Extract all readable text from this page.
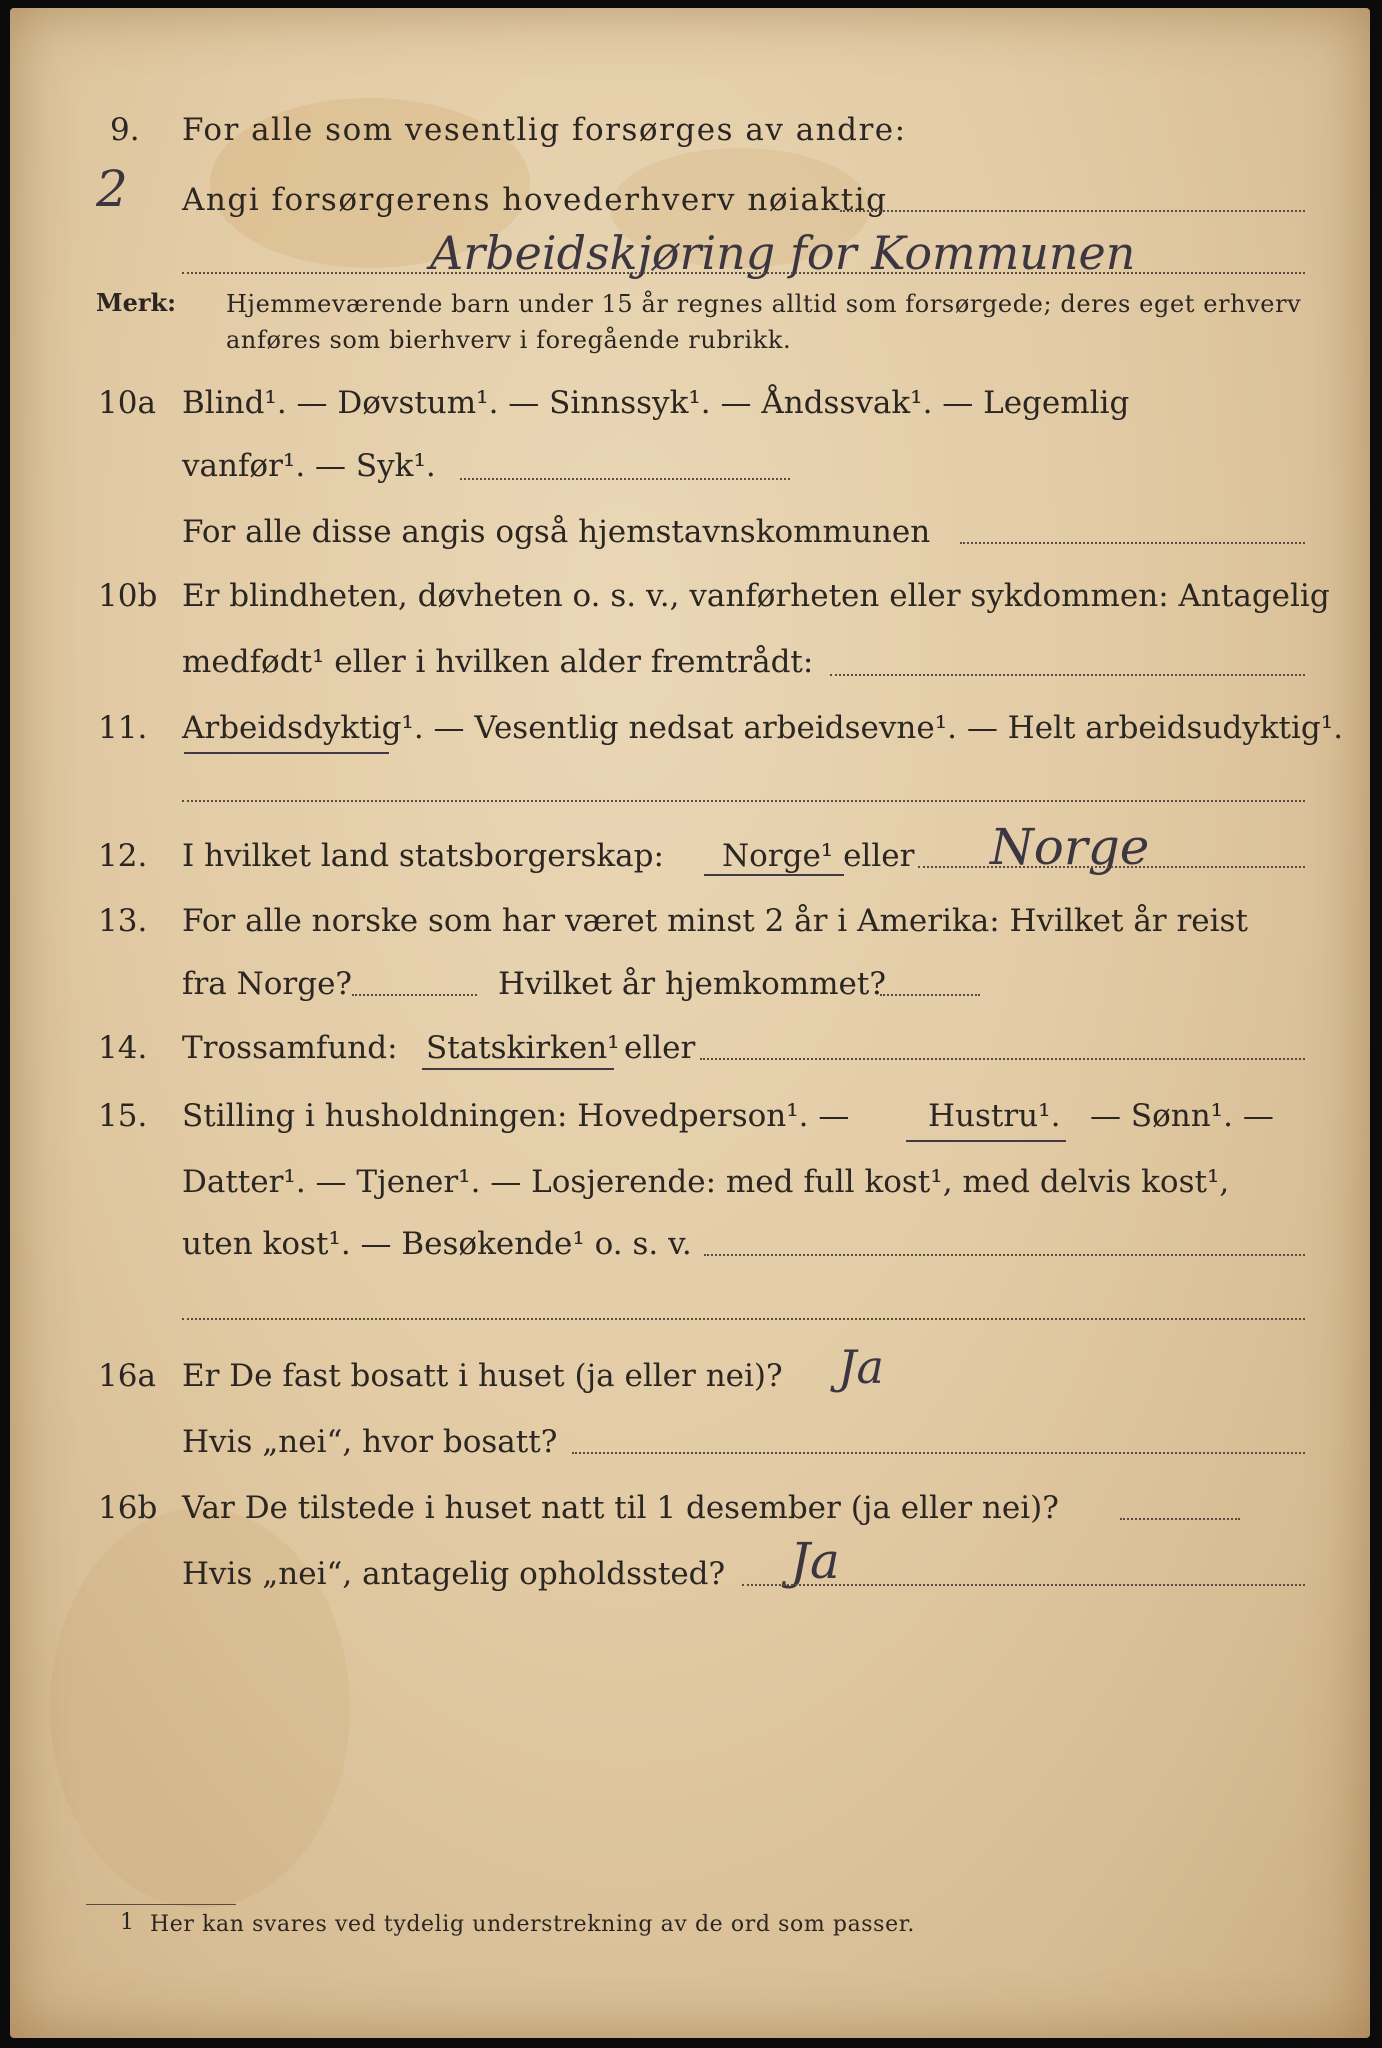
9. For alle som vesentlig forsørges av andre:
2 Angi forsørgerens hovederhverv nøiaktig
Arbeidskjøring for Kommunen
Merk: Hjemmeværende barn under 15 år regnes alltid som forsørgede; deres eget erhverv
anføres som bierhverv i foregående rubrikk.
10a Blind¹. — Døvstum¹. — Sinnssyk¹. — Åndssvak¹. — Legemlig
vanfør¹. — Syk¹.
For alle disse angis også hjemstavnskommunen
10b Er blindheten, døvheten o. s. v., vanførheten eller sykdommen: Antagelig
medfødt¹ eller i hvilken alder fremtrådt:
11. Arbeidsdyktig¹. — Vesentlig nedsat arbeidsevne¹. — Helt arbeidsudyktig¹.
12. I hvilket land statsborgerskap: Norge¹ eller Norge
13. For alle norske som har været minst 2 år i Amerika: Hvilket år reist
fra Norge?	Hvilket år hjemkommet?
14. Trossamfund: Statskirken¹ eller
15. Stilling i husholdningen: Hovedperson¹. —	Hustru¹. — Sønn¹. —
Datter¹. — Tjener¹. — Losjerende: med full kost¹, med delvis kost¹,
uten kost¹. — Besøkende¹ o. s. v.
16a Er De fast bosatt i huset (ja eller nei)? Ja
Hvis „nei“, hvor bosatt?
16b Var De tilstede i huset natt til 1 desember (ja eller nei)?
Hvis „nei“, antagelig opholdssted? Ja
1 Her kan svares ved tydelig understrekning av de ord som passer.
